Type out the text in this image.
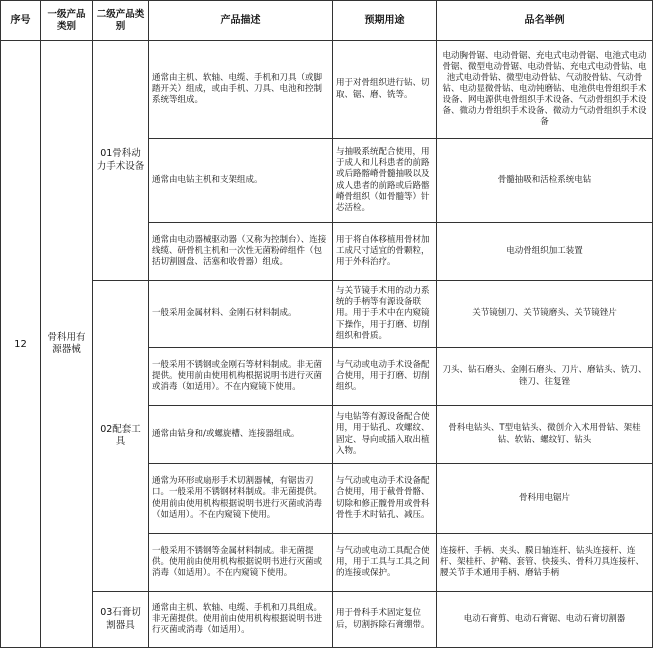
序号	一级产品类别	二级产品类别	产品描述	预期用途	品名举例
12	骨科用有源器械	01骨科动力手术设备	通常由主机、软轴、电缆、手机和刀具（或脚踏开关）组成，或由手机、刀具、电池和控制系统等组成。	用于对骨组织进行钻、切取、锯、磨、铣等。	电动胸骨锯、电动骨锯、充电式电动骨锯、电池式电动骨锯、微型电动骨锯、电动骨钻、充电式电动骨钻、电池式电动骨钻、微型电动骨钻、气动胶骨钻、气动骨钻、电动显微骨钻、电动钝磨钻、电池供电骨组织手术设备、网电源供电骨组织手术设备、气动骨组织手术设备、微动力骨组织手术设备、微动力气动骨组织手术设备
			通常由电钻主机和支架组成。	与抽吸系统配合使用，用于成人和儿科患者的前路或后路髂嵴骨髓抽吸以及成人患者的前路或后路髂嵴骨组织（如骨髓等）针芯活检。	骨髓抽吸和活检系统电钻
			通常由电动器械驱动器（又称为控制台）、连接线缆、研骨机主机和一次性无菌粉碎组件（包括切割圆盘、活塞和收骨器）组成。	用于将自体移植用骨材加工成尺寸适宜的骨颗粒，用于外科治疗。	电动骨组织加工装置
		02配套工具	一般采用金属材料、金刚石材料制成。	与关节镜手术用的动力系统的手柄等有源设备联用。用于手术中在内窥镜下操作，用于打磨、切削组织和骨质。	关节镜刨刀、关节镜磨头、关节镜锉片
			一般采用不锈钢或金刚石等材料制成。非无菌提供。使用前由使用机构根据说明书进行灭菌或消毒（如适用）。不在内窥镜下使用。	与气动或电动手术设备配合使用，用于打磨、切削组织。	刀头、钻石磨头、金刚石磨头、刀片、磨钻头、铣刀、锉刀、往复锉
			通常由钻身和/或螺旋槽、连接器组成。	与电钻等有源设备配合使用，用于钻孔、攻螺纹、固定、导向或插入取出植入物。	骨科电钻头、T型电钻头、微创介入术用骨钻、架桂钻、软钻、螺纹钉、钻头
			通常为环形或扇形手术切割器械，有锯齿刃口。一般采用不锈钢材料制成。非无菌提供。使用前由使用机构根据说明书进行灭菌或消毒（如适用）。不在内窥镜下使用。	与气动或电动手术设备配合使用，用于截骨骨骼、切除和修正髋骨用或骨科骨性手术时钻孔、减压。	骨科用电锯片
			一般采用不锈钢等金属材料制成。非无菌提供。使用前由使用机构根据说明书进行灭菌或消毒（如适用）。不在内窥镜下使用。	与气动或电动工具配合使用，用于工具与工具之间的连接或保护。	连接杆、手柄、夹头、膜日轴连杆、钻头连接杆、连杆、架桂杆、护鞘、套管、快接头、骨科刀具连接杆、腰关节手术通用手柄、磨钻手柄
		03石膏切割器具	通常由主机、软轴、电缆、手机和刀具组成。非无菌提供。使用前由使用机构根据说明书进行灭菌或消毒（如适用）。	用于骨科手术固定复位后，切割拆除石膏绷带。	电动石膏剪、电动石膏锯、电动石膏切割器
